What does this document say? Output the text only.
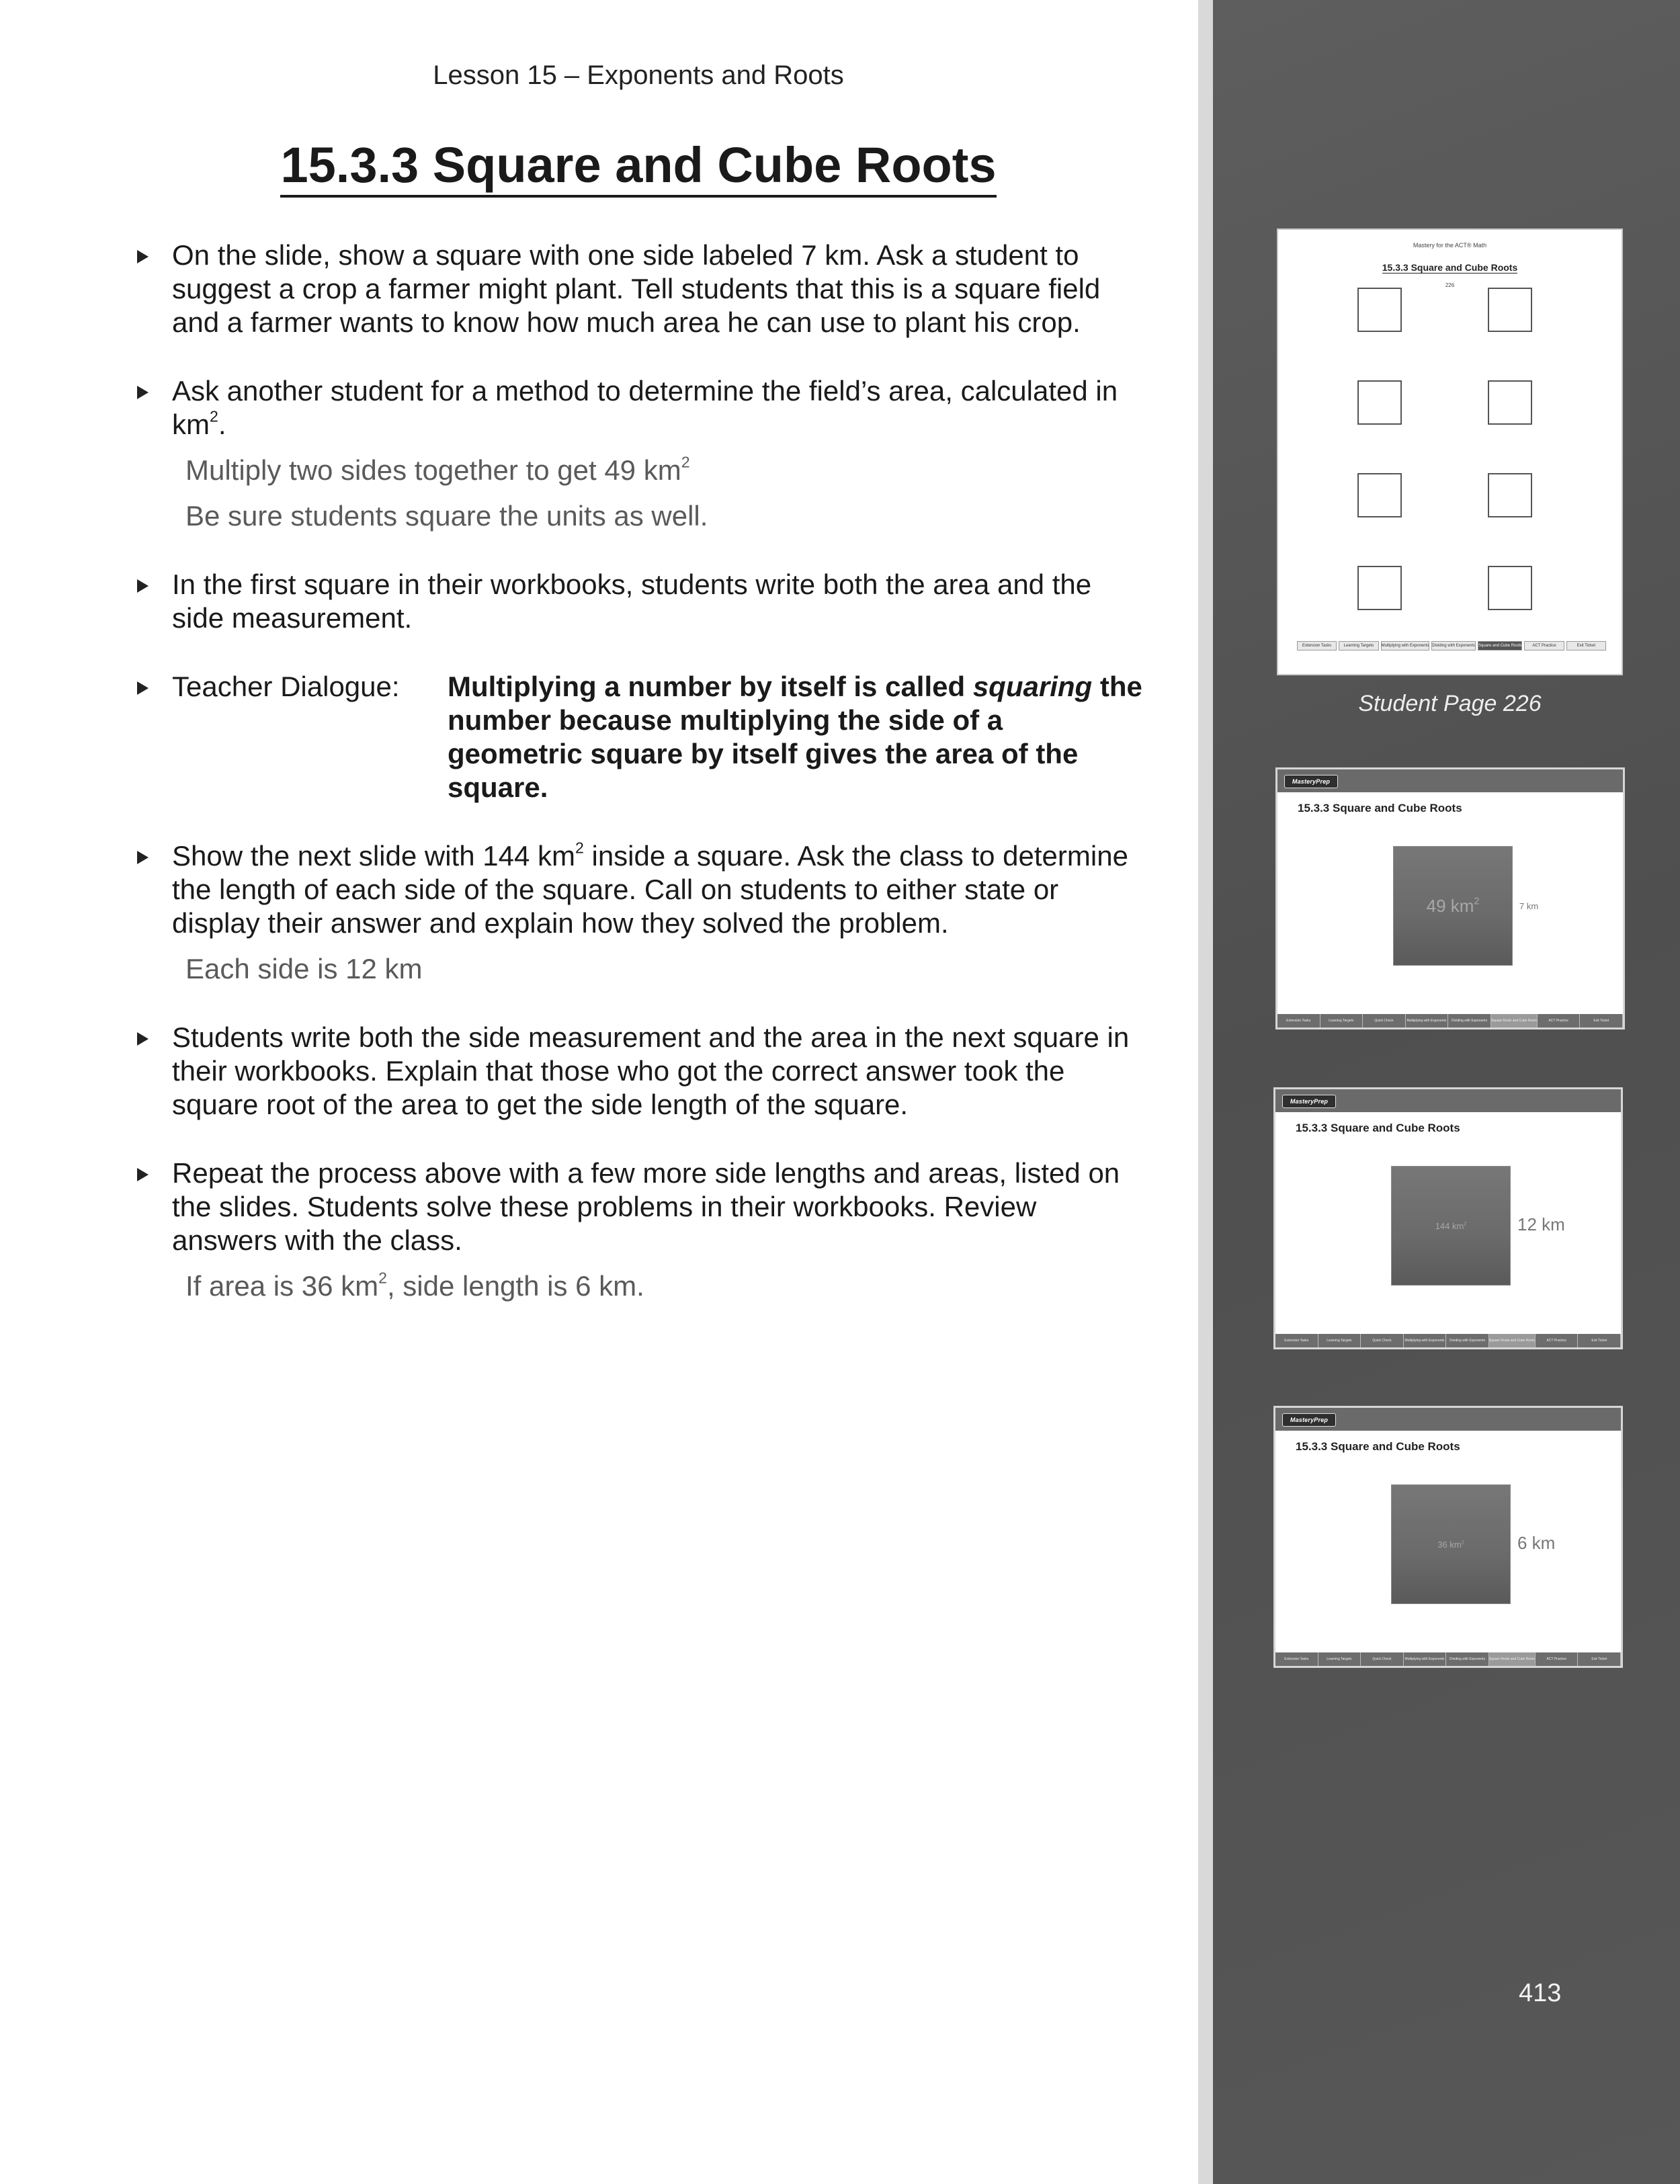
Lesson 15 – Exponents and Roots
15.3.3 Square and Cube Roots
On the slide, show a square with one side labeled 7 km. Ask a student to suggest a crop a farmer might plant. Tell students that this is a square field and a farmer wants to know how much area he can use to plant his crop.
Ask another student for a method to determine the field’s area, calculated in $km^2$.
Multiply two sides together to get 49 $km^2$
Be sure students square the units as well.
In the first square in their workbooks, students write both the area and the side measurement.
Teacher Dialogue:	Multiplying a number by itself is called squaring the number because multiplying the side of a geometric square by itself gives the area of the square.
Show the next slide with 144 $km^2$ inside a square. Ask the class to determine the length of each side of the square. Call on students to either state or display their answer and explain how they solved the problem.
Each side is 12 km
Students write both the side measurement and the area in the next square in their workbooks. Explain that those who got the correct answer took the square root of the area to get the side length of the square.
Repeat the process above with a few more side lengths and areas, listed on the slides. Students solve these problems in their workbooks. Review answers with the class.
If area is 36 $km^2$, side length is 6 km.
Mastery for the ACT® Math
15.3.3 Square and Cube Roots
226
Extension Tasks	Learning Targets	Multiplying with Exponents Dividing with Exponents Square and Cube Roots	ACT Practice	Exit Ticket
Student Page 226
MasteryPrep
15.3.3 Square and Cube Roots
49 $km^2$	7 km
Extension Tasks	Learning Targets	Quick Check	Multiplying with Exponents	Dividing with Exponents	Square Roots and Cube Roots	ACT Practice	Exit Ticket
MasteryPrep
15.3.3 Square and Cube Roots
144 $km^2$	12 km
Extension Tasks	Learning Targets	Quick Check	Multiplying with Exponents	Dividing with Exponents	Square Roots and Cube Roots	ACT Practice	Exit Ticket
MasteryPrep
15.3.3 Square and Cube Roots
36 $km^2$	6 km
Extension Tasks	Learning Targets	Quick Check	Multiplying with Exponents	Dividing with Exponents	Square Roots and Cube Roots	ACT Practice	Exit Ticket
413
